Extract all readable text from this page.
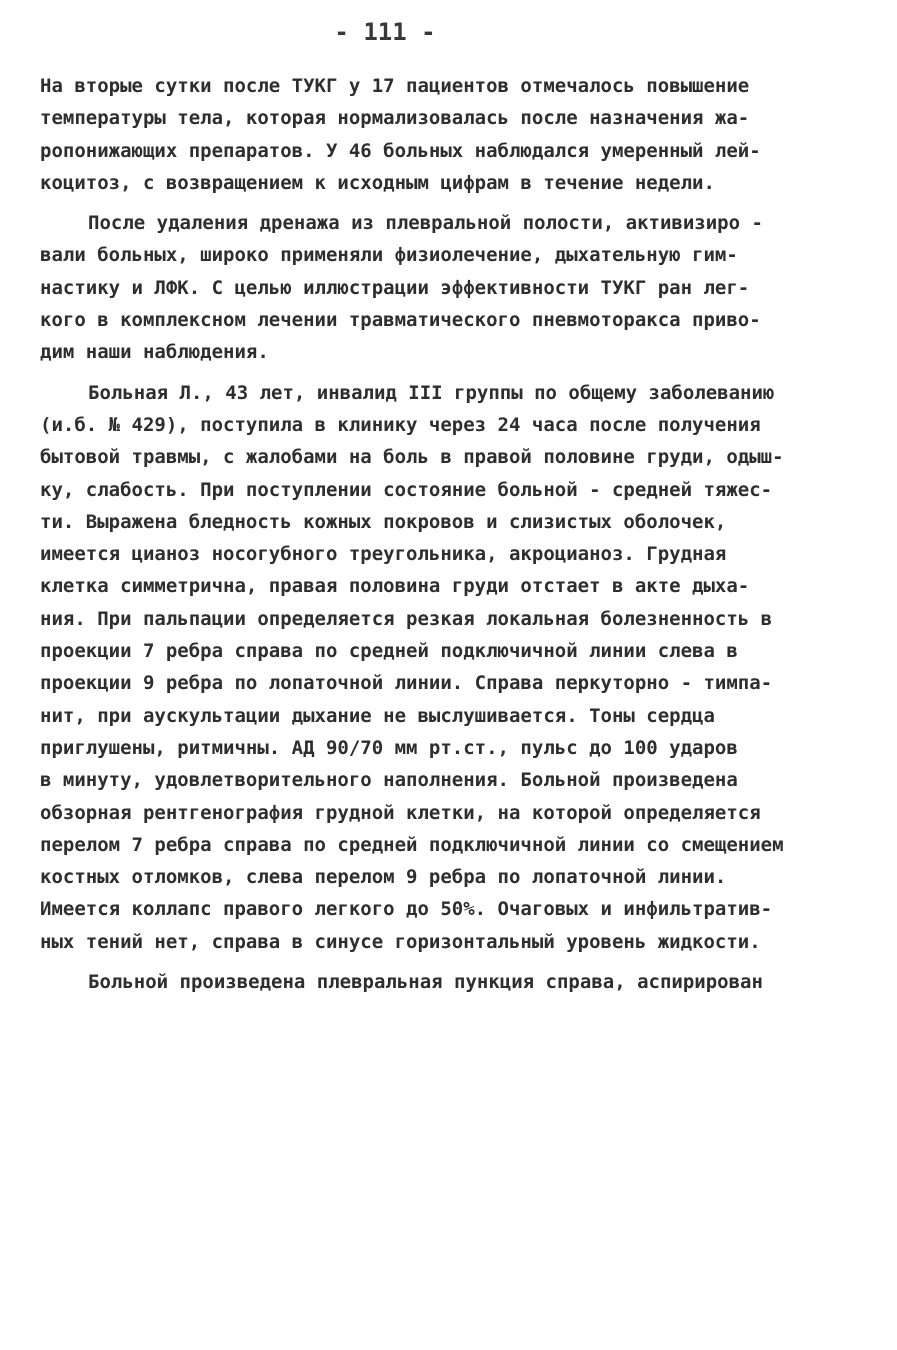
- 111 -

На вторые сутки после ТУКГ у 17 пациентов отмечалось повышение

температуры тела, которая нормализовалась после назначения жа-

ропонижающих препаратов. У 46 больных наблюдался умеренный лей-

коцитоз, с возвращением к исходным цифрам в течение недели.

После удаления дренажа из плевральной полости, активизиро -

вали больных, широко применяли физиолечение, дыхательную гим-

настику и ЛФК. С целью иллюстрации эффективности ТУКГ ран лег-

кого в комплексном лечении травматического пневмоторакса приво-

дим наши наблюдения.

Больная Л., 43 лет, инвалид III группы по общему заболеванию

(и.б. № 429), поступила в клинику через 24 часа после получения

бытовой травмы, с жалобами на боль в правой половине груди, одыш-

ку, слабость. При поступлении состояние больной - средней тяжес-

ти. Выражена бледность кожных покровов и слизистых оболочек,

имеется цианоз носогубного треугольника, акроцианоз. Грудная

клетка симметрична, правая половина груди отстает в акте дыха-

ния. При пальпации определяется резкая локальная болезненность в

проекции 7 ребра справа по средней подключичной линии слева в

проекции 9 ребра по лопаточной линии. Справа перкуторно - тимпа-

нит, при аускультации дыхание не выслушивается. Тоны сердца

приглушены, ритмичны. АД 90/70 мм рт.ст., пульс до 100 ударов

в минуту, удовлетворительного наполнения. Больной произведена

обзорная рентгенография грудной клетки, на которой определяется

перелом 7 ребра справа по средней подключичной линии со смещением

костных отломков, слева перелом 9 ребра по лопаточной линии.

Имеется коллапс правого легкого до 50%. Очаговых и инфильтратив-

ных тений нет, справа в синусе горизонтальный уровень жидкости.

Больной произведена плевральная пункция справа, аспирирован
